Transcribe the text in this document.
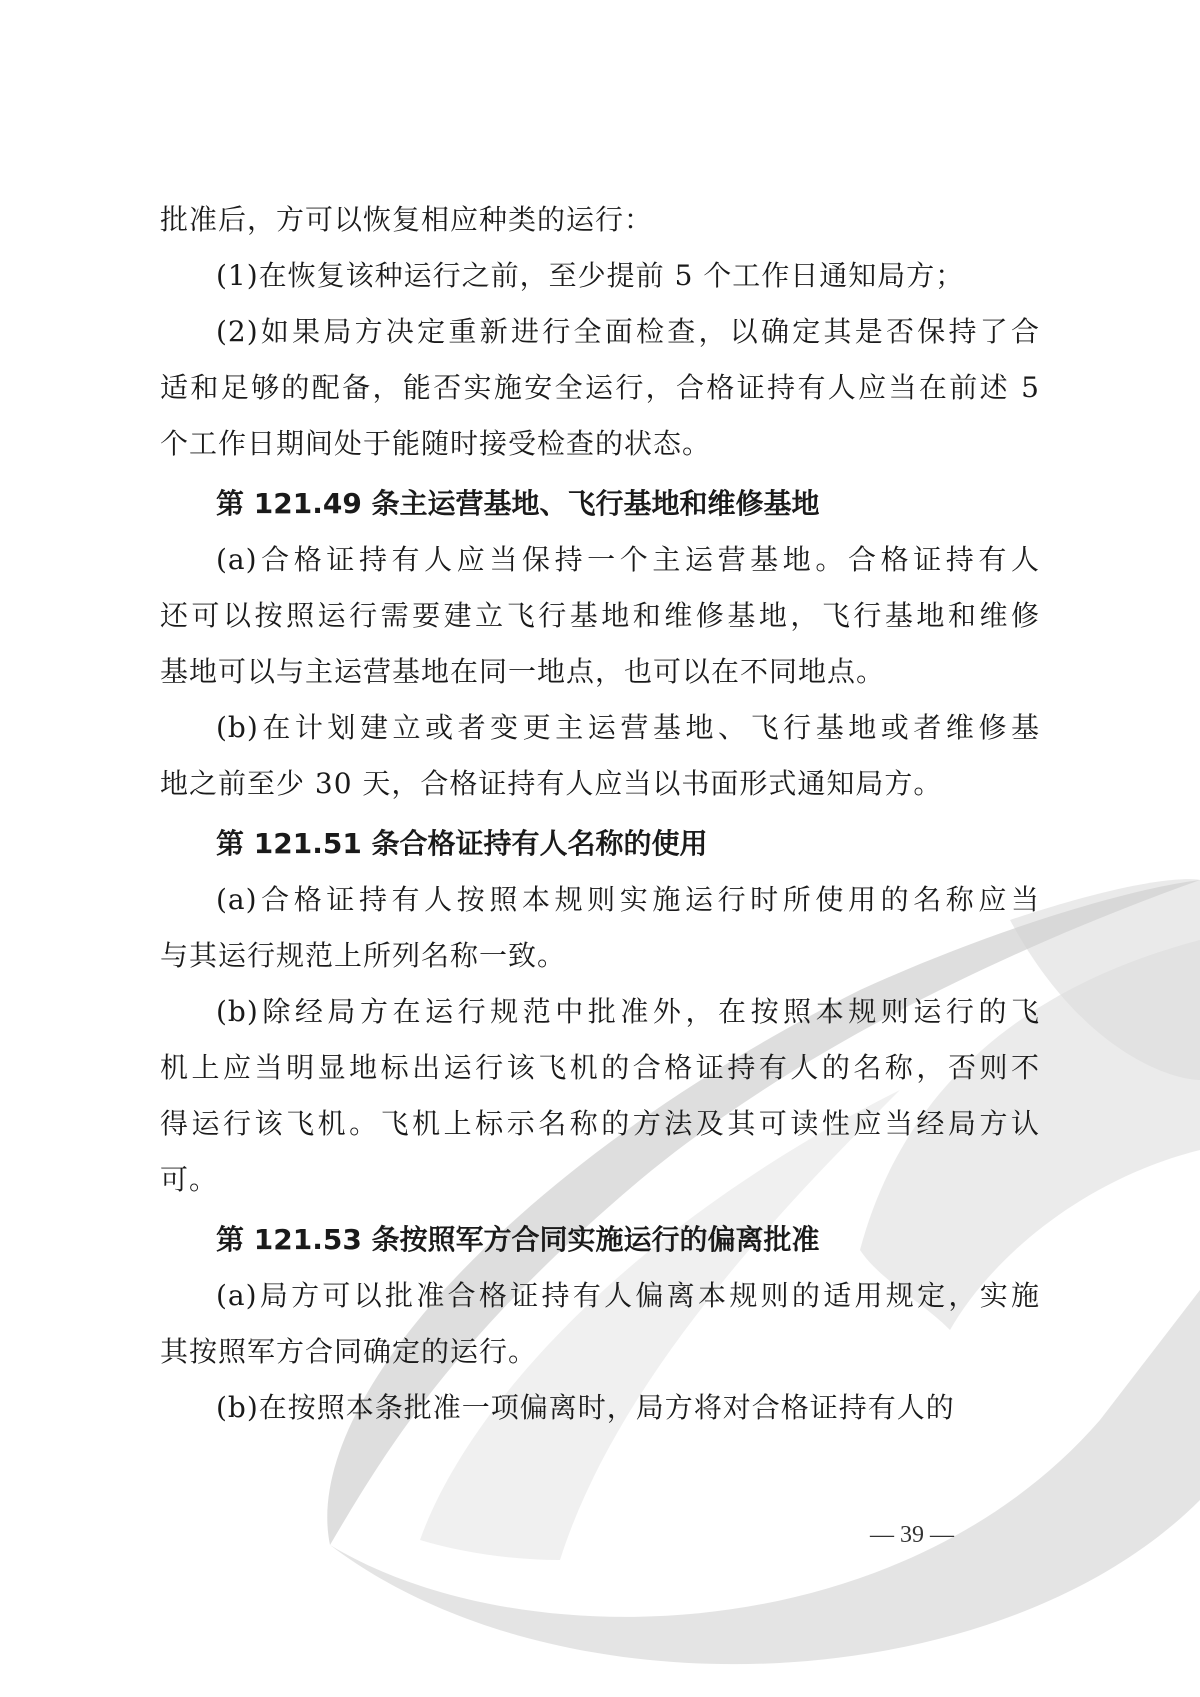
批准后，方可以恢复相应种类的运行：
(1)在恢复该种运行之前，至少提前 5 个工作日通知局方；
(2)如果局方决定重新进行全面检查，以确定其是否保持了合
适和足够的配备，能否实施安全运行，合格证持有人应当在前述 5
个工作日期间处于能随时接受检查的状态。
第 121.49 条主运营基地、飞行基地和维修基地
(a)合格证持有人应当保持一个主运营基地。合格证持有人
还可以按照运行需要建立飞行基地和维修基地，飞行基地和维修
基地可以与主运营基地在同一地点，也可以在不同地点。
(b)在计划建立或者变更主运营基地、飞行基地或者维修基
地之前至少 30 天，合格证持有人应当以书面形式通知局方。
第 121.51 条合格证持有人名称的使用
(a)合格证持有人按照本规则实施运行时所使用的名称应当
与其运行规范上所列名称一致。
(b)除经局方在运行规范中批准外，在按照本规则运行的飞
机上应当明显地标出运行该飞机的合格证持有人的名称，否则不
得运行该飞机。飞机上标示名称的方法及其可读性应当经局方认
可。
第 121.53 条按照军方合同实施运行的偏离批准
(a)局方可以批准合格证持有人偏离本规则的适用规定，实施
其按照军方合同确定的运行。
(b)在按照本条批准一项偏离时，局方将对合格证持有人的
— 39 —
